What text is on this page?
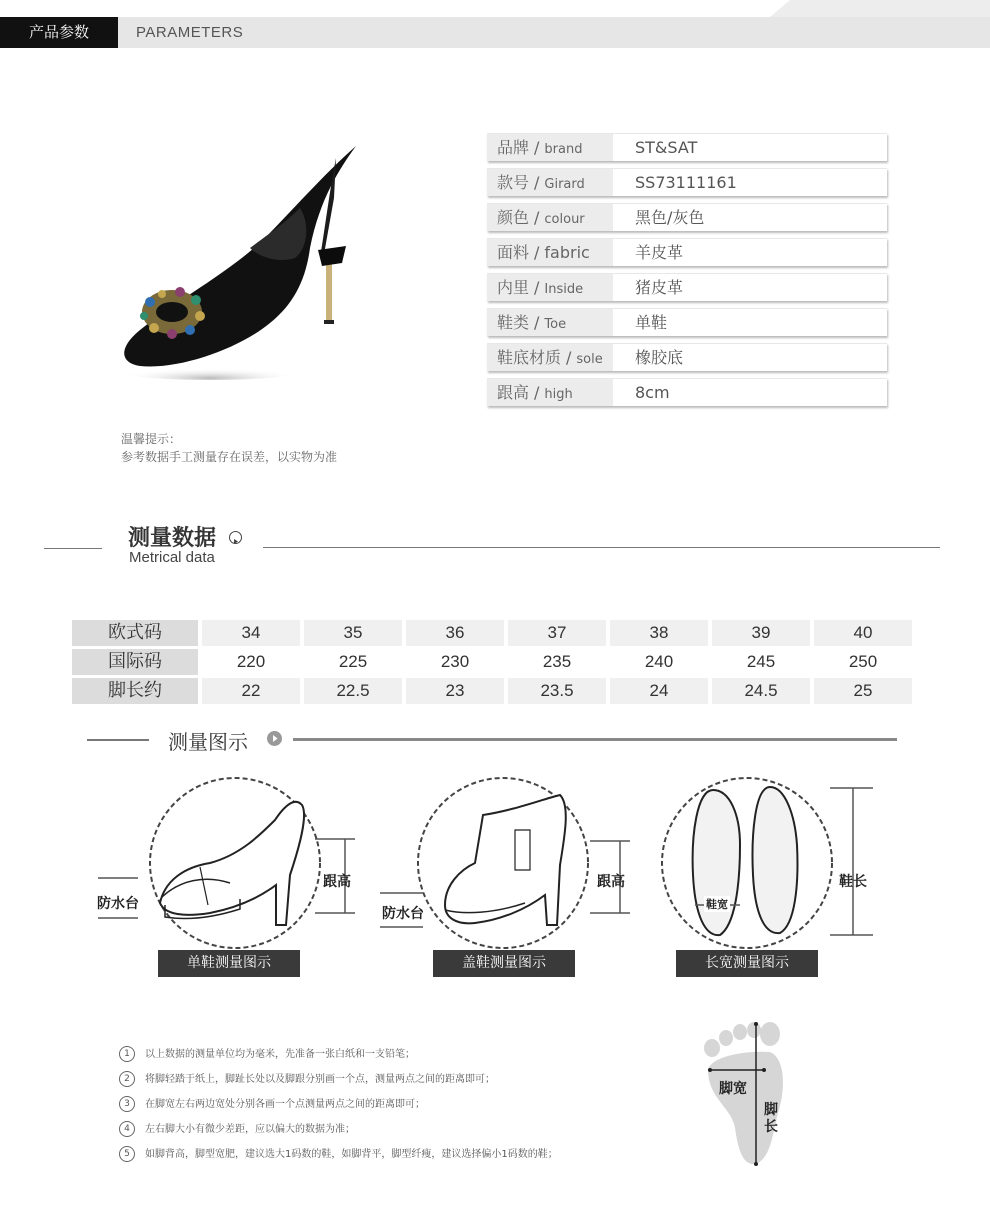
产品参数	PARAMETERS
品牌 / brand	ST&SAT
款号 / Girard	SS73111161
颜色 / colour	黑色/灰色
面料 / fabric	羊皮革
内里 / Inside	猪皮革
鞋类 / Toe	单鞋
鞋底材质 / sole	橡胶底
跟高 / high	8cm
温馨提示：
参考数据手工测量存在误差，以实物为准
测量数据
Metrical data
欧式码	34	35	36	37	38	39	40
国际码	220	225	230	235	240	245	250
脚长约	22	22.5	23	23.5	24	24.5	25
测量图示
防水台
跟高
单鞋测量图示
防水台
跟高
盖鞋测量图示
鞋宽
鞋长
长宽测量图示
1 以上数据的测量单位均为毫米，先准备一张白纸和一支铅笔；
2 将脚轻踏于纸上，脚趾长处以及脚跟分别画一个点，测量两点之间的距离即可；
3 在脚宽左右两边宽处分别各画一个点测量两点之间的距离即可；
4 左右脚大小有微少差距，应以偏大的数据为准；
5 如脚背高，脚型宽肥，建议选大1码数的鞋，如脚背平，脚型纤瘦，建议选择偏小1码数的鞋；
脚宽
脚长
